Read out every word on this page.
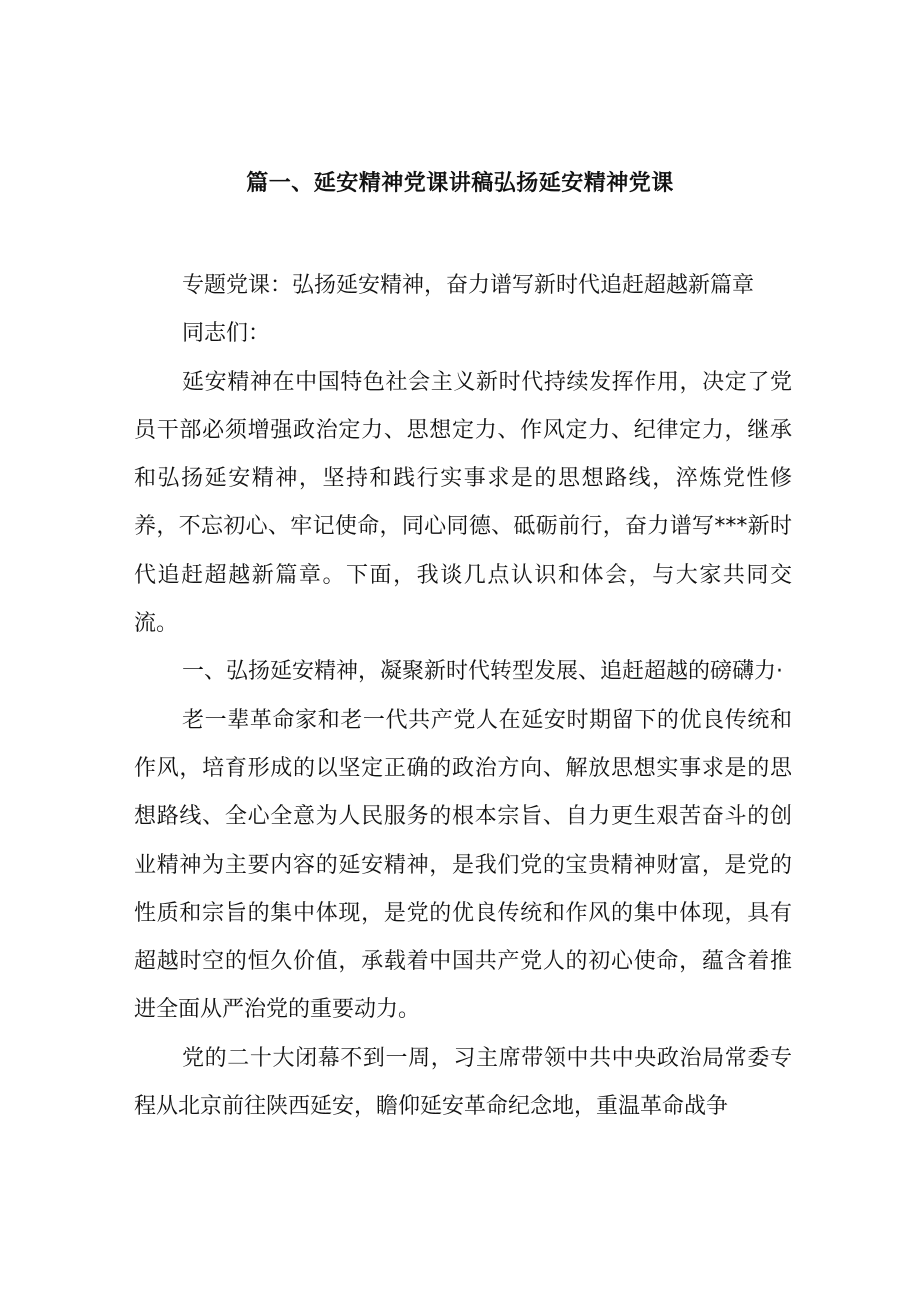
篇一、延安精神党课讲稿弘扬延安精神党课

专题党课：弘扬延安精神，奋力谱写新时代追赶超越新篇章

同志们：

延安精神在中国特色社会主义新时代持续发挥作用，决定了党员干部必须增强政治定力、思想定力、作风定力、纪律定力，继承和弘扬延安精神，坚持和践行实事求是的思想路线，淬炼党性修养，不忘初心、牢记使命，同心同德、砥砺前行，奋力谱写***新时代追赶超越新篇章。下面，我谈几点认识和体会，与大家共同交流。

一、弘扬延安精神，凝聚新时代转型发展、追赶超越的磅礴力·

老一辈革命家和老一代共产党人在延安时期留下的优良传统和作风，培育形成的以坚定正确的政治方向、解放思想实事求是的思想路线、全心全意为人民服务的根本宗旨、自力更生艰苦奋斗的创业精神为主要内容的延安精神，是我们党的宝贵精神财富，是党的性质和宗旨的集中体现，是党的优良传统和作风的集中体现，具有超越时空的恒久价值，承载着中国共产党人的初心使命，蕴含着推进全面从严治党的重要动力。

党的二十大闭幕不到一周，习主席带领中共中央政治局常委专程从北京前往陕西延安，瞻仰延安革命纪念地，重温革命战争
